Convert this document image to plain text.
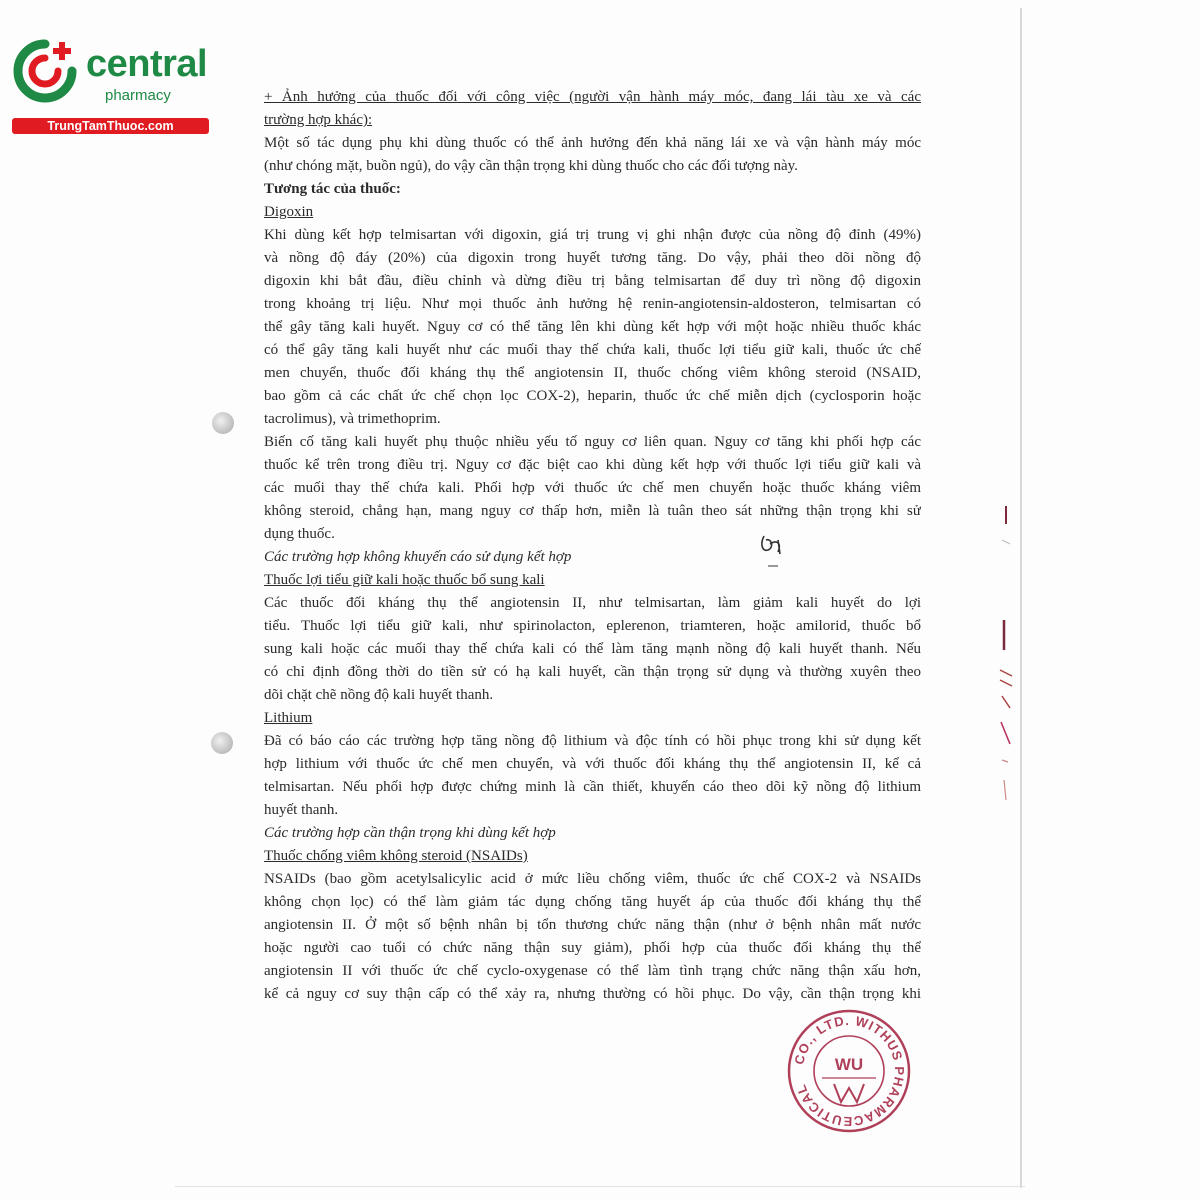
central
pharmacy
TrungTamThuoc.com
+ Ảnh hưởng của thuốc đối với công việc (người vận hành máy móc, đang lái tàu xe và các
trường hợp khác):
Một số tác dụng phụ khi dùng thuốc có thể ảnh hưởng đến khả năng lái xe và vận hành máy móc
(như chóng mặt, buồn ngủ), do vậy cần thận trọng khi dùng thuốc cho các đối tượng này.
Tương tác của thuốc:
Digoxin
Khi dùng kết hợp telmisartan với digoxin, giá trị trung vị ghi nhận được của nồng độ đỉnh (49%)
và nồng độ đáy (20%) của digoxin trong huyết tương tăng. Do vậy, phải theo dõi nồng độ
digoxin khi bắt đầu, điều chỉnh và dừng điều trị bằng telmisartan để duy trì nồng độ digoxin
trong khoảng trị liệu. Như mọi thuốc ảnh hưởng hệ renin-angiotensin-aldosteron, telmisartan có
thể gây tăng kali huyết. Nguy cơ có thể tăng lên khi dùng kết hợp với một hoặc nhiều thuốc khác
có thể gây tăng kali huyết như các muối thay thế chứa kali, thuốc lợi tiểu giữ kali, thuốc ức chế
men chuyển, thuốc đối kháng thụ thể angiotensin II, thuốc chống viêm không steroid (NSAID,
bao gồm cả các chất ức chế chọn lọc COX-2), heparin, thuốc ức chế miễn dịch (cyclosporin hoặc
tacrolimus), và trimethoprim.
Biến cố tăng kali huyết phụ thuộc nhiều yếu tố nguy cơ liên quan. Nguy cơ tăng khi phối hợp các
thuốc kể trên trong điều trị. Nguy cơ đặc biệt cao khi dùng kết hợp với thuốc lợi tiểu giữ kali và
các muối thay thế chứa kali. Phối hợp với thuốc ức chế men chuyển hoặc thuốc kháng viêm
không steroid, chẳng hạn, mang nguy cơ thấp hơn, miễn là tuân theo sát những thận trọng khi sử
dụng thuốc.
Các trường hợp không khuyến cáo sử dụng kết hợp
Thuốc lợi tiểu giữ kali hoặc thuốc bổ sung kali
Các thuốc đối kháng thụ thể angiotensin II, như telmisartan, làm giảm kali huyết do lợi
tiểu. Thuốc lợi tiểu giữ kali, như spirinolacton, eplerenon, triamteren, hoặc amilorid, thuốc bổ
sung kali hoặc các muối thay thế chứa kali có thể làm tăng mạnh nồng độ kali huyết thanh. Nếu
có chỉ định đồng thời do tiền sử có hạ kali huyết, cần thận trọng sử dụng và thường xuyên theo
dõi chặt chẽ nồng độ kali huyết thanh.
Lithium
Đã có báo cáo các trường hợp tăng nồng độ lithium và độc tính có hồi phục trong khi sử dụng kết
hợp lithium với thuốc ức chế men chuyển, và với thuốc đối kháng thụ thể angiotensin II, kể cả
telmisartan. Nếu phối hợp được chứng minh là cần thiết, khuyến cáo theo dõi kỹ nồng độ lithium
huyết thanh.
Các trường hợp cần thận trọng khi dùng kết hợp
Thuốc chống viêm không steroid (NSAIDs)
NSAIDs (bao gồm acetylsalicylic acid ở mức liều chống viêm, thuốc ức chế COX-2 và NSAIDs
không chọn lọc) có thể làm giảm tác dụng chống tăng huyết áp của thuốc đối kháng thụ thể
angiotensin II. Ở một số bệnh nhân bị tổn thương chức năng thận (như ở bệnh nhân mất nước
hoặc người cao tuổi có chức năng thận suy giảm), phối hợp của thuốc đối kháng thụ thể
angiotensin II với thuốc ức chế cyclo-oxygenase có thể làm tình trạng chức năng thận xấu hơn,
kể cả nguy cơ suy thận cấp có thể xảy ra, nhưng thường có hồi phục. Do vậy, cần thận trọng khi
CO., LTD. WITHUS PHARMACEUTICAL
WU
